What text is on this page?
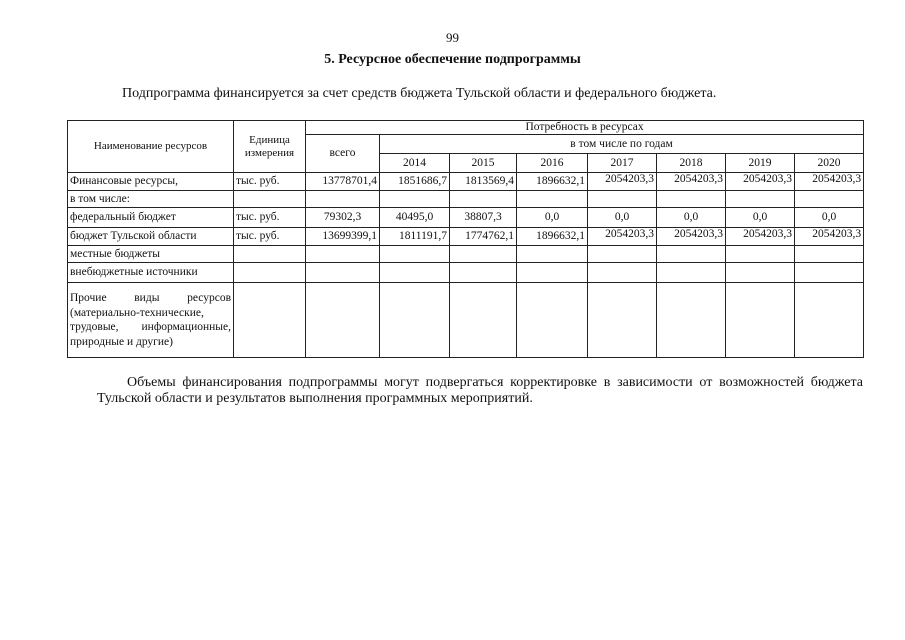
99
5. Ресурсное обеспечение подпрограммы
Подпрограмма финансируется за счет средств бюджета Тульской области и федерального бюджета.
Наименование ресурсов	Единица измерения	Потребность в ресурсах							
		всего	в том числе по годам						
			2014	2015	2016	2017	2018	2019	2020
Финансовые ресурсы,	тыс. руб.	13778701,4	1851686,7	1813569,4	1896632,1	2054203,3	2054203,3	2054203,3	2054203,3
в том числе:									
федеральный бюджет	тыс. руб.	79302,3	40495,0	38807,3	0,0	0,0	0,0	0,0	0,0
бюджет Тульской области	тыс. руб.	13699399,1	1811191,7	1774762,1	1896632,1	2054203,3	2054203,3	2054203,3	2054203,3
местные бюджеты									
внебюджетные источники									
Прочие виды ресурсов (материально-технические, трудовые, информационные, природные и другие)									
Объемы финансирования подпрограммы могут подвергаться корректировке в зависимости от возможностей бюджета Тульской области и результатов выполнения программных мероприятий.
